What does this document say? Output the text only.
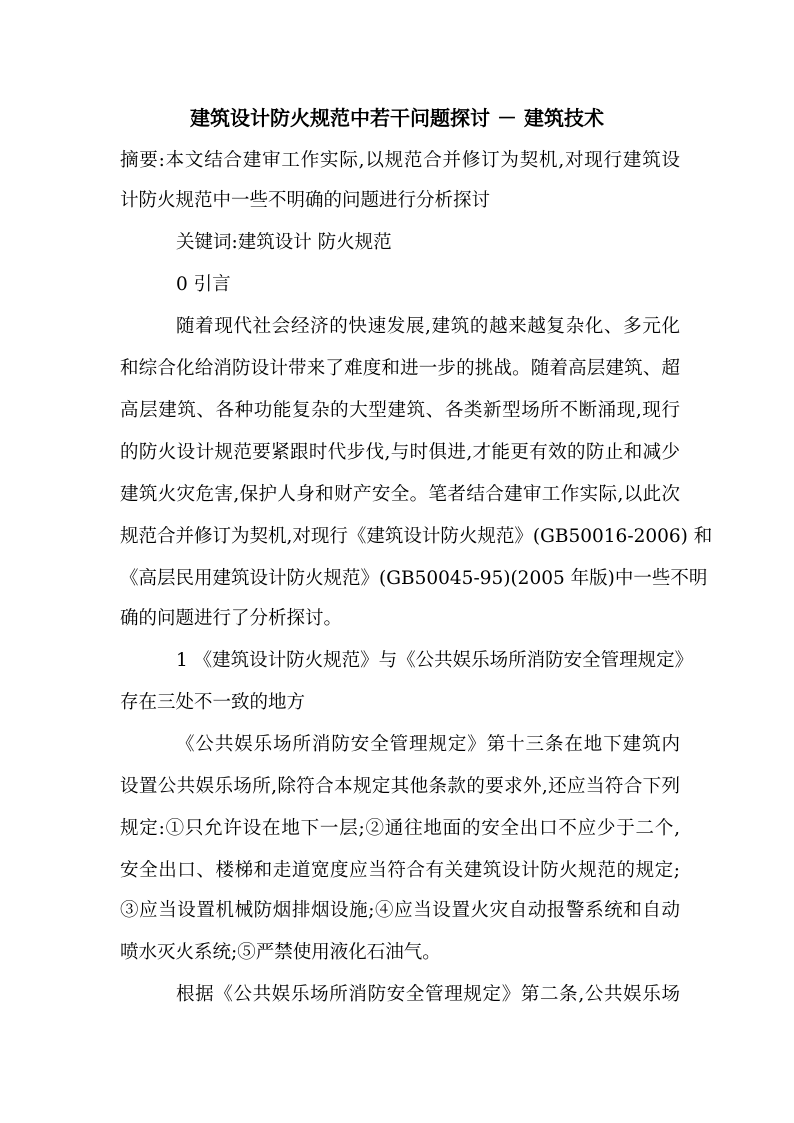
建筑设计防火规范中若干问题探讨 － 建筑技术
摘要:本文结合建审工作实际,以规范合并修订为契机,对现行建筑设
计防火规范中一些不明确的问题进行分析探讨
关键词:建筑设计 防火规范
0 引言
随着现代社会经济的快速发展,建筑的越来越复杂化、多元化
和综合化给消防设计带来了难度和进一步的挑战。随着高层建筑、超
高层建筑、各种功能复杂的大型建筑、各类新型场所不断涌现,现行
的防火设计规范要紧跟时代步伐,与时俱进,才能更有效的防止和减少
建筑火灾危害,保护人身和财产安全。笔者结合建审工作实际,以此次
规范合并修订为契机,对现行《建筑设计防火规范》(GB50016-2006) 和
《高层民用建筑设计防火规范》(GB50045-95)(2005 年版)中一些不明
确的问题进行了分析探讨。
1 《建筑设计防火规范》与《公共娱乐场所消防安全管理规定》
存在三处不一致的地方
《公共娱乐场所消防安全管理规定》第十三条在地下建筑内
设置公共娱乐场所,除符合本规定其他条款的要求外,还应当符合下列
规定:①只允许设在地下一层;②通往地面的安全出口不应少于二个,
安全出口、楼梯和走道宽度应当符合有关建筑设计防火规范的规定;
③应当设置机械防烟排烟设施;④应当设置火灾自动报警系统和自动
喷水灭火系统;⑤严禁使用液化石油气。
根据《公共娱乐场所消防安全管理规定》第二条,公共娱乐场
